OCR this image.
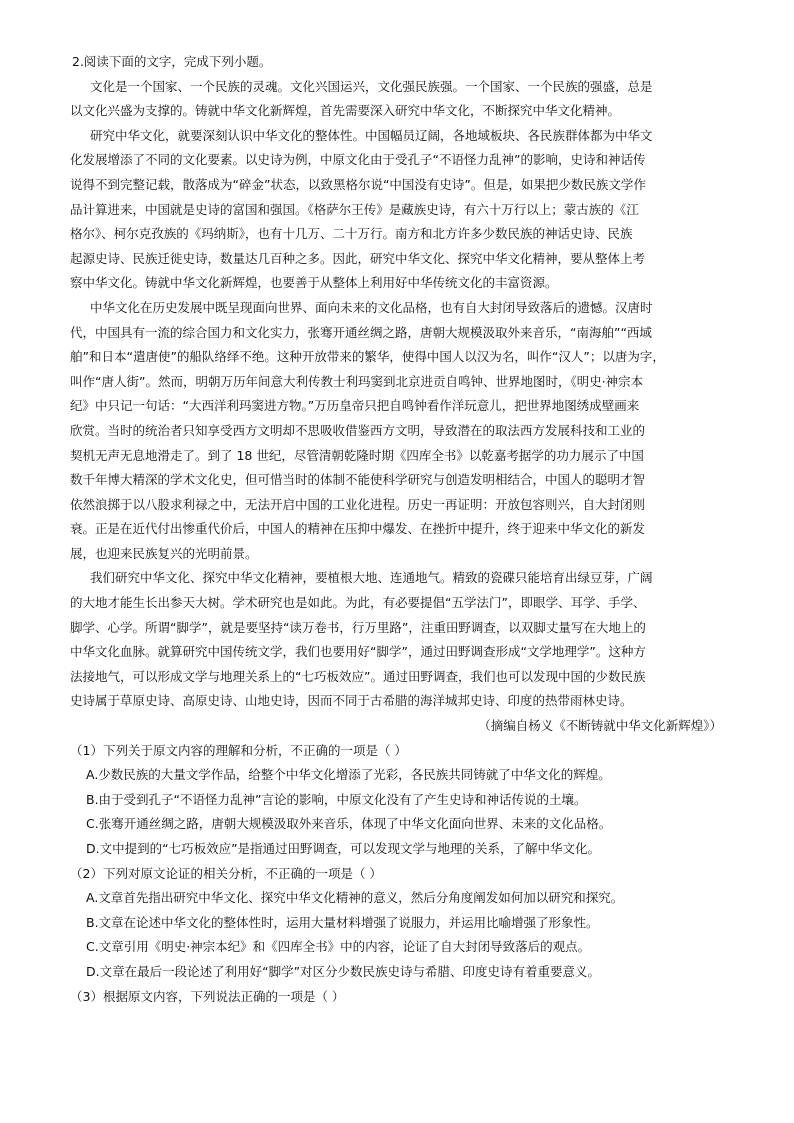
2.阅读下面的文字，完成下列小题。
文化是一个国家、一个民族的灵魂。文化兴国运兴，文化强民族强。一个国家、一个民族的强盛，总是
以文化兴盛为支撑的。铸就中华文化新辉煌，首先需要深入研究中华文化，不断探究中华文化精神。
研究中华文化，就要深刻认识中华文化的整体性。中国幅员辽阔，各地域板块、各民族群体都为中华文
化发展增添了不同的文化要素。以史诗为例，中原文化由于受孔子“不语怪力乱神”的影响，史诗和神话传
说得不到完整记载，散落成为“碎金”状态，以致黑格尔说“中国没有史诗”。但是，如果把少数民族文学作
品计算进来，中国就是史诗的富国和强国。《格萨尔王传》是藏族史诗，有六十万行以上；蒙古族的《江
格尔》、柯尔克孜族的《玛纳斯》，也有十几万、二十万行。南方和北方许多少数民族的神话史诗、民族
起源史诗、民族迁徙史诗，数量达几百种之多。因此，研究中华文化、探究中华文化精神，要从整体上考
察中华文化。铸就中华文化新辉煌，也要善于从整体上利用好中华传统文化的丰富资源。
中华文化在历史发展中既呈现面向世界、面向未来的文化品格，也有自大封闭导致落后的遗憾。汉唐时
代，中国具有一流的综合国力和文化实力，张骞开通丝绸之路，唐朝大规模汲取外来音乐，“南海舶”“西域
舶”和日本“遣唐使”的船队络绎不绝。这种开放带来的繁华，使得中国人以汉为名，叫作“汉人”；以唐为字，
叫作“唐人街”。然而，明朝万历年间意大利传教士利玛窦到北京进贡自鸣钟、世界地图时，《明史·神宗本
纪》中只记一句话：“大西洋利玛窦进方物。”万历皇帝只把自鸣钟看作洋玩意儿，把世界地图绣成壁画来
欣赏。当时的统治者只知享受西方文明却不思吸收借鉴西方文明，导致潜在的取法西方发展科技和工业的
契机无声无息地滑走了。到了 18 世纪，尽管清朝乾隆时期《四库全书》以乾嘉考据学的功力展示了中国
数千年博大精深的学术文化史，但可惜当时的体制不能使科学研究与创造发明相结合，中国人的聪明才智
依然浪掷于以八股求利禄之中，无法开启中国的工业化进程。历史一再证明：开放包容则兴，自大封闭则
衰。正是在近代付出惨重代价后，中国人的精神在压抑中爆发、在挫折中提升，终于迎来中华文化的新发
展，也迎来民族复兴的光明前景。
我们研究中华文化、探究中华文化精神，要植根大地、连通地气。精致的瓷碟只能培育出绿豆芽，广阔
的大地才能生长出参天大树。学术研究也是如此。为此，有必要提倡“五学法门”，即眼学、耳学、手学、
脚学、心学。所谓“脚学”，就是要坚持“读万卷书，行万里路”，注重田野调查，以双脚丈量写在大地上的
中华文化血脉。就算研究中国传统文学，我们也要用好“脚学”，通过田野调查形成“文学地理学”。这种方
法接地气，可以形成文学与地理关系上的“七巧板效应”。通过田野调查，我们也可以发现中国的少数民族
史诗属于草原史诗、高原史诗、山地史诗，因而不同于古希腊的海洋城邦史诗、印度的热带雨林史诗。
（摘编自杨义《不断铸就中华文化新辉煌》）
（1）下列关于原文内容的理解和分析，不正确的一项是（ ）
A.少数民族的大量文学作品，给整个中华文化增添了光彩，各民族共同铸就了中华文化的辉煌。
B.由于受到孔子“不语怪力乱神”言论的影响，中原文化没有了产生史诗和神话传说的土壤。
C.张骞开通丝绸之路，唐朝大规模汲取外来音乐，体现了中华文化面向世界、未来的文化品格。
D.文中提到的“七巧板效应”是指通过田野调查，可以发现文学与地理的关系，了解中华文化。
（2）下列对原文论证的相关分析，不正确的一项是（ ）
A.文章首先指出研究中华文化、探究中华文化精神的意义，然后分角度阐发如何加以研究和探究。
B.文章在论述中华文化的整体性时，运用大量材料增强了说服力，并运用比喻增强了形象性。
C.文章引用《明史·神宗本纪》和《四库全书》中的内容，论证了自大封闭导致落后的观点。
D.文章在最后一段论述了利用好“脚学”对区分少数民族史诗与希腊、印度史诗有着重要意义。
（3）根据原文内容，下列说法正确的一项是（ ）
